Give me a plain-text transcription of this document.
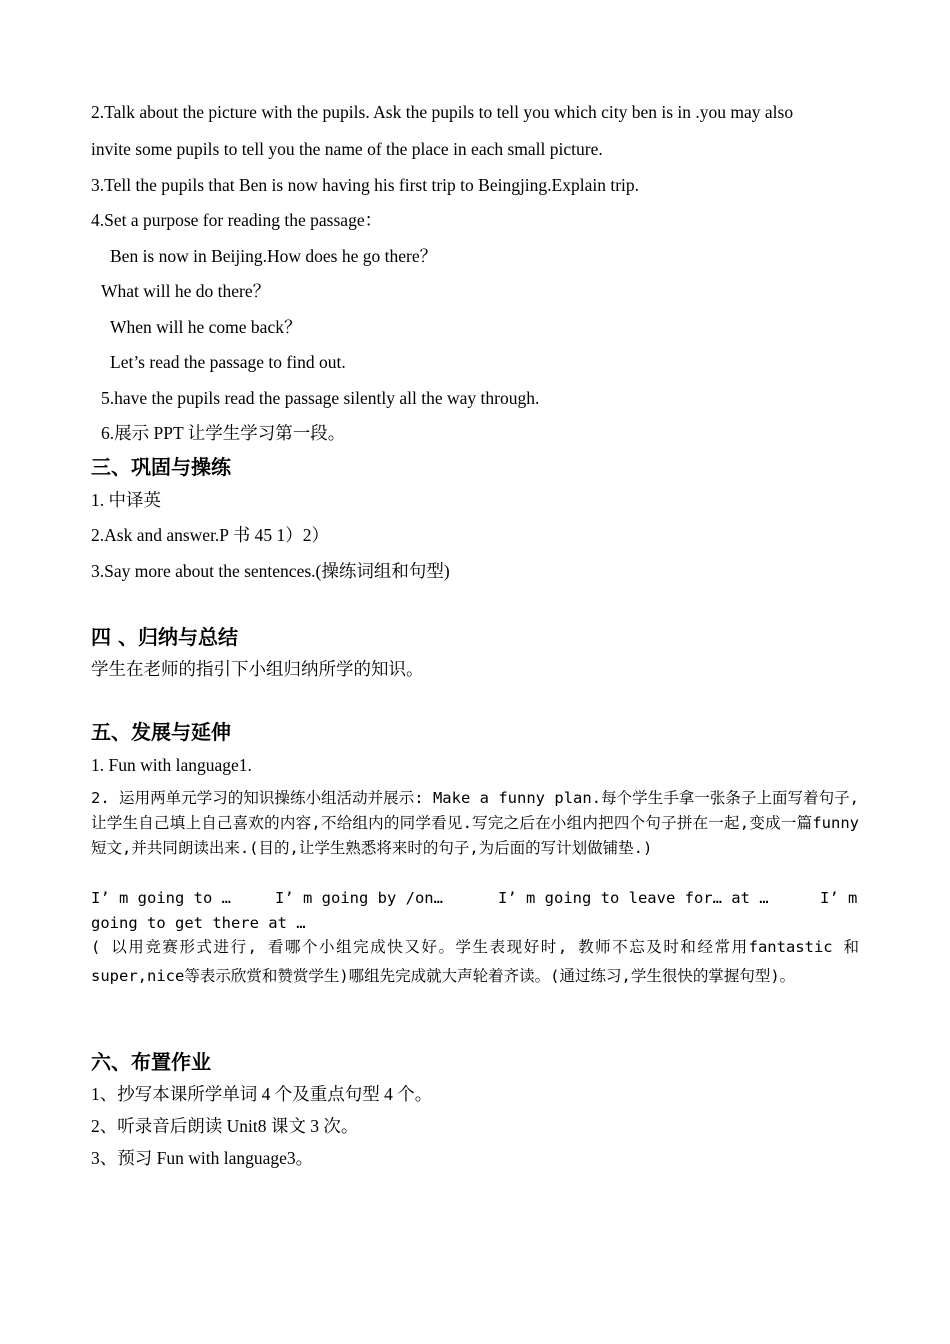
2.Talk about the picture with the pupils. Ask the pupils to tell you which city ben is in .you may also
invite some pupils to tell you the name of the place in each small picture.
3.Tell the pupils that Ben is now having his first trip to Beingjing.Explain trip.
4.Set a purpose for reading the passage：
Ben is now in Beijing.How does he go there？
What will he do there？
When will he come back？
Let’s read the passage to find out.
5.have the pupils read the passage silently all the way through.
6.展示 PPT 让学生学习第一段。
三、巩固与操练
1. 中译英
2.Ask and answer.P 书 45 1）2）
3.Say more about the sentences.(操练词组和句型)
四 、归纳与总结
学生在老师的指引下小组归纳所学的知识。
五、发展与延伸
1. Fun with language1.
2. 运用两单元学习的知识操练小组活动并展示: Make a funny plan.每个学生手拿一张条子上面写着句子,让学生自己填上自己喜欢的内容,不给组内的同学看见.写完之后在小组内把四个句子拼在一起,变成一篇funny短文,并共同朗读出来.(目的,让学生熟悉将来时的句子,为后面的写计划做铺垫.)
I’ m going to …	I’ m going by /on…	I’ m going to leave for… at …	I’ m
going to get there at …
( 以用竞赛形式进行, 看哪个小组完成快又好。学生表现好时, 教师不忘及时和经常用fantastic 和 super,nice等表示欣赏和赞赏学生)哪组先完成就大声轮着齐读。(通过练习,学生很快的掌握句型)。
六、布置作业
1、抄写本课所学单词 4 个及重点句型 4 个。
2、听录音后朗读 Unit8 课文 3 次。
3、预习 Fun with language3。
